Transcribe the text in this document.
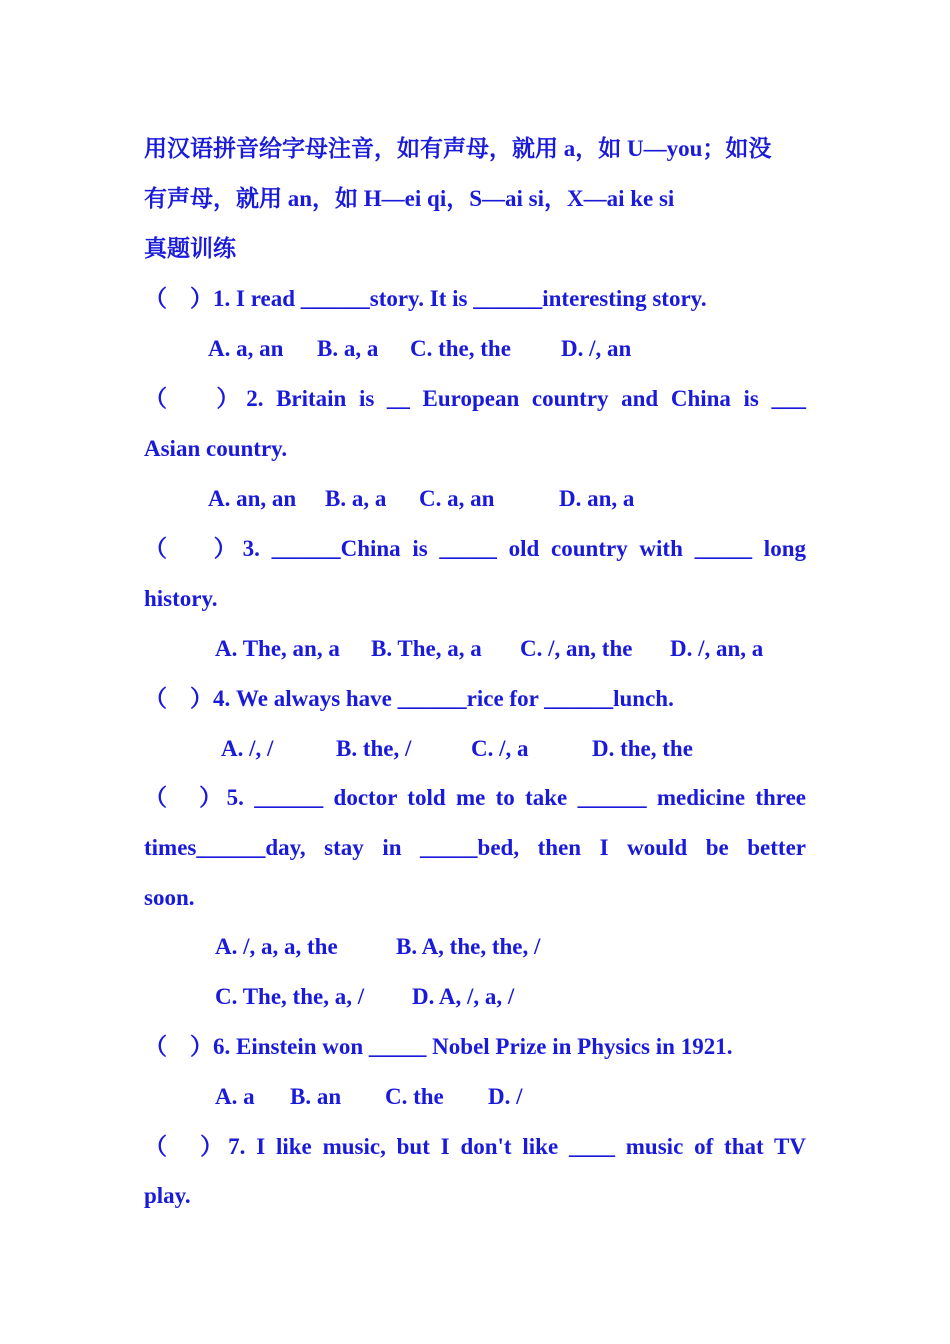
用汉语拼音给字母注音，如有声母，就用 a，如 U—you；如没
有声母，就用 an，如 H—ei qi，S—ai si，X—ai ke si
真题训练
（　）1. I read ______story. It is ______interesting story.
A. a, an B. a, a C. the, the D. /, an
（　 ）2. Britain is __ European country and China is ___
Asian country.
A. an, an B. a, a C. a, an	D. an, a
（　 ）3. ______China is _____ old country with _____ long
history.
A. The, an, a B. The, a, a C. /, an, the D. /, an, a
（　）4. We always have ______rice for ______lunch.
A. /, /	B. the, /	C. /, a	D. the, the
（　）5. ______ doctor told me to take ______ medicine three
times______day, stay in _____bed, then I would be better
soon.
A. /, a, a, the	B. A, the, the, /
C. The, the, a, / D. A, /, a, /
（　）6. Einstein won _____ Nobel Prize in Physics in 1921.
A. a B. an C. the D. /
（　）7. I like music, but I don't like ____ music of that TV
play.
